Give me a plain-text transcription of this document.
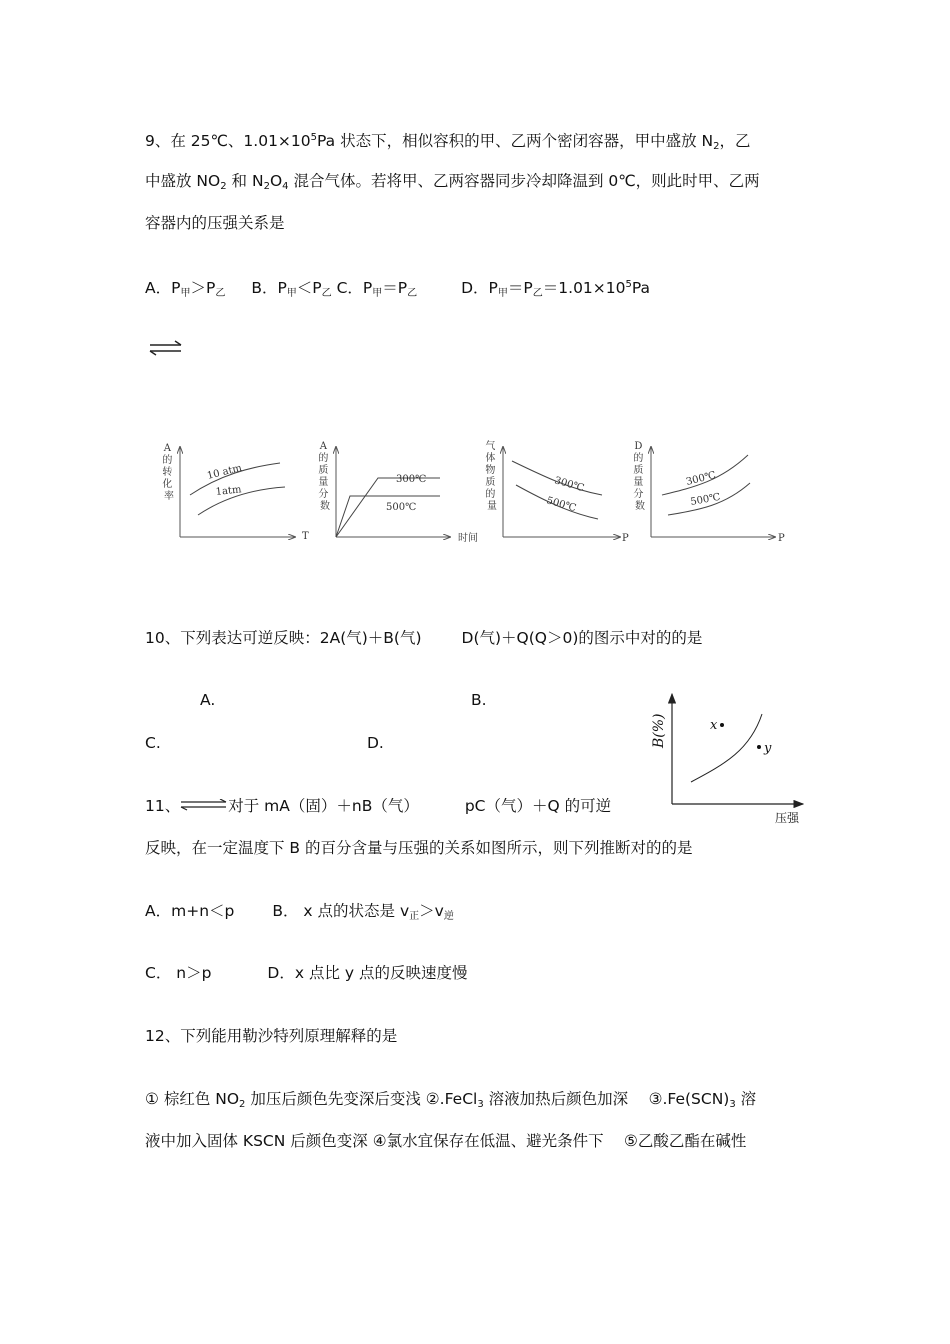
9、在 25℃、$1.01\times 10^5Pa$ 状态下，相似容积的甲、乙两个密闭容器，甲中盛放 $N_2$，乙
中盛放 $NO_2$ 和 $N_2O_4$ 混合气体。若将甲、乙两容器同步冷却降温到 0℃，则此时甲、乙两
容器内的压强关系是
A．$P_甲>P_乙$ B．$P_甲<P_乙$ C．$P_甲=P_乙$	D．$P_甲=P_乙=1.01\times 10^5Pa$
A 的 转 化 率
10 atm
1atm
T
A 的 质 量 分 数
300℃
500℃
时间
气 体 物 质 的 量
300℃
500℃
P
D 的 质 量 分 数
300℃
500℃
P
10、下列表达可逆反映：2A(气)＋B(气)	D(气)＋Q(Q＞0)的图示中对的的是
A.	B.
C.	D.	B(%)	x
y
压强
11、	对于 mA（固）＋nB（气）	pC（气）＋Q 的可逆
反映，在一定温度下 B 的百分含量与压强的关系如图所示，则下列推断对的的是
A．m+n＜p B． x 点的状态是 $v_正>v_逆$
C． n＞p	D．x 点比 y 点的反映速度慢
12、下列能用勒沙特列原理解释的是
① 棕红色 $NO_2$ 加压后颜色先变深后变浅 ②.FeCl$_3$ 溶液加热后颜色加深　 $③.Fe(SCN)_3$ 溶
液中加入固体 KSCN 后颜色变深 ④氯水宜保存在低温、避光条件下　 ⑤乙酸乙酯在碱性
